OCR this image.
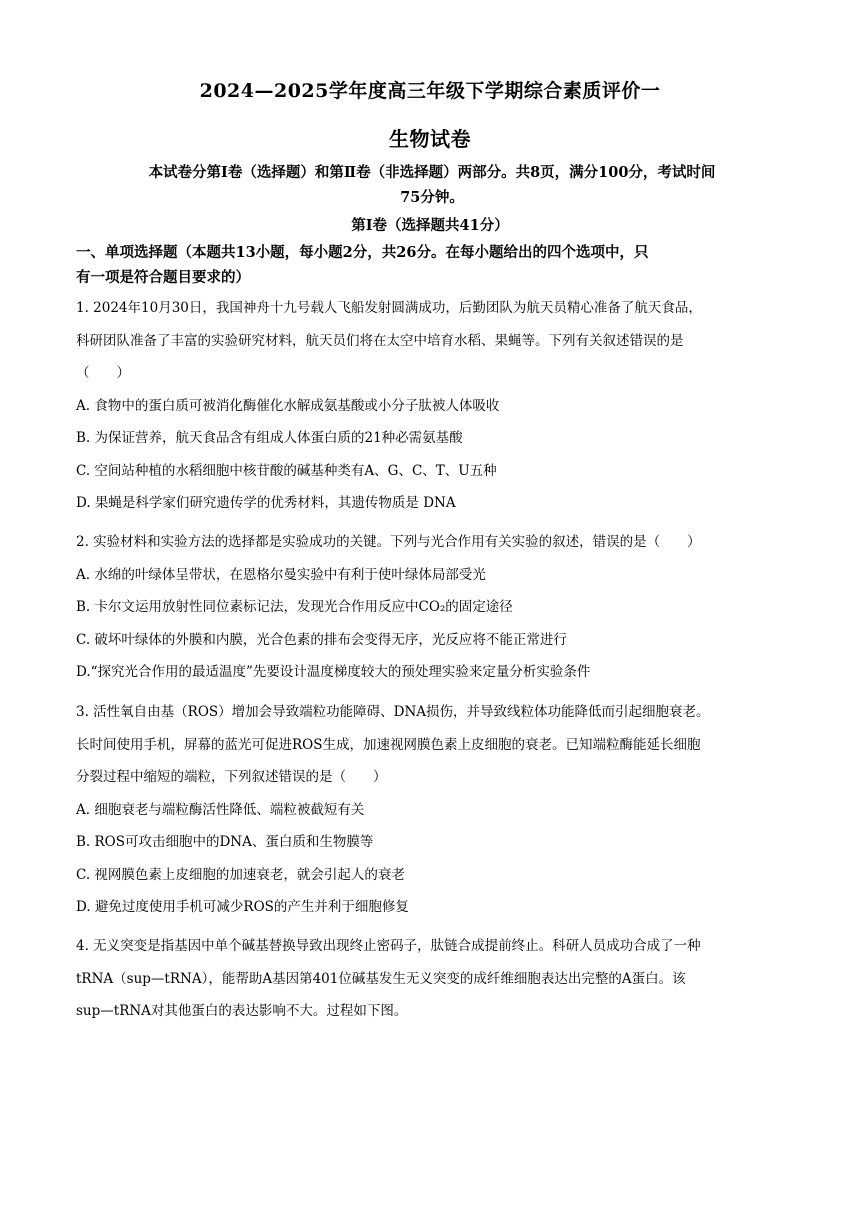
2024—2025学年度高三年级下学期综合素质评价一
生物试卷
本试卷分第Ⅰ卷（选择题）和第Ⅱ卷（非选择题）两部分。共8页，满分100分，考试时间
75分钟。
第Ⅰ卷（选择题共41分）
一、单项选择题（本题共13小题，每小题2分，共26分。在每小题给出的四个选项中，只
有一项是符合题目要求的）
1. 2024年10月30日，我国神舟十九号载人飞船发射圆满成功，后勤团队为航天员精心准备了航天食品，
科研团队准备了丰富的实验研究材料，航天员们将在太空中培育水稻、果蝇等。下列有关叙述错误的是
（　　）
A. 食物中的蛋白质可被消化酶催化水解成氨基酸或小分子肽被人体吸收
B. 为保证营养，航天食品含有组成人体蛋白质的21种必需氨基酸
C. 空间站种植的水稻细胞中核苷酸的碱基种类有A、G、C、T、U五种
D. 果蝇是科学家们研究遗传学的优秀材料，其遗传物质是 DNA
2. 实验材料和实验方法的选择都是实验成功的关键。下列与光合作用有关实验的叙述，错误的是（　　）
A. 水绵的叶绿体呈带状，在恩格尔曼实验中有利于使叶绿体局部受光
B. 卡尔文运用放射性同位素标记法，发现光合作用反应中CO₂的固定途径
C. 破坏叶绿体的外膜和内膜，光合色素的排布会变得无序，光反应将不能正常进行
D.“探究光合作用的最适温度”先要设计温度梯度较大的预处理实验来定量分析实验条件
3. 活性氧自由基（ROS）增加会导致端粒功能障碍、DNA损伤，并导致线粒体功能降低而引起细胞衰老。
长时间使用手机，屏幕的蓝光可促进ROS生成，加速视网膜色素上皮细胞的衰老。已知端粒酶能延长细胞
分裂过程中缩短的端粒，下列叙述错误的是（　　）
A. 细胞衰老与端粒酶活性降低、端粒被截短有关
B. ROS可攻击细胞中的DNA、蛋白质和生物膜等
C. 视网膜色素上皮细胞的加速衰老，就会引起人的衰老
D. 避免过度使用手机可减少ROS的产生并利于细胞修复
4. 无义突变是指基因中单个碱基替换导致出现终止密码子，肽链合成提前终止。科研人员成功合成了一种
tRNA（sup—tRNA），能帮助A基因第401位碱基发生无义突变的成纤维细胞表达出完整的A蛋白。该
sup—tRNA对其他蛋白的表达影响不大。过程如下图。
